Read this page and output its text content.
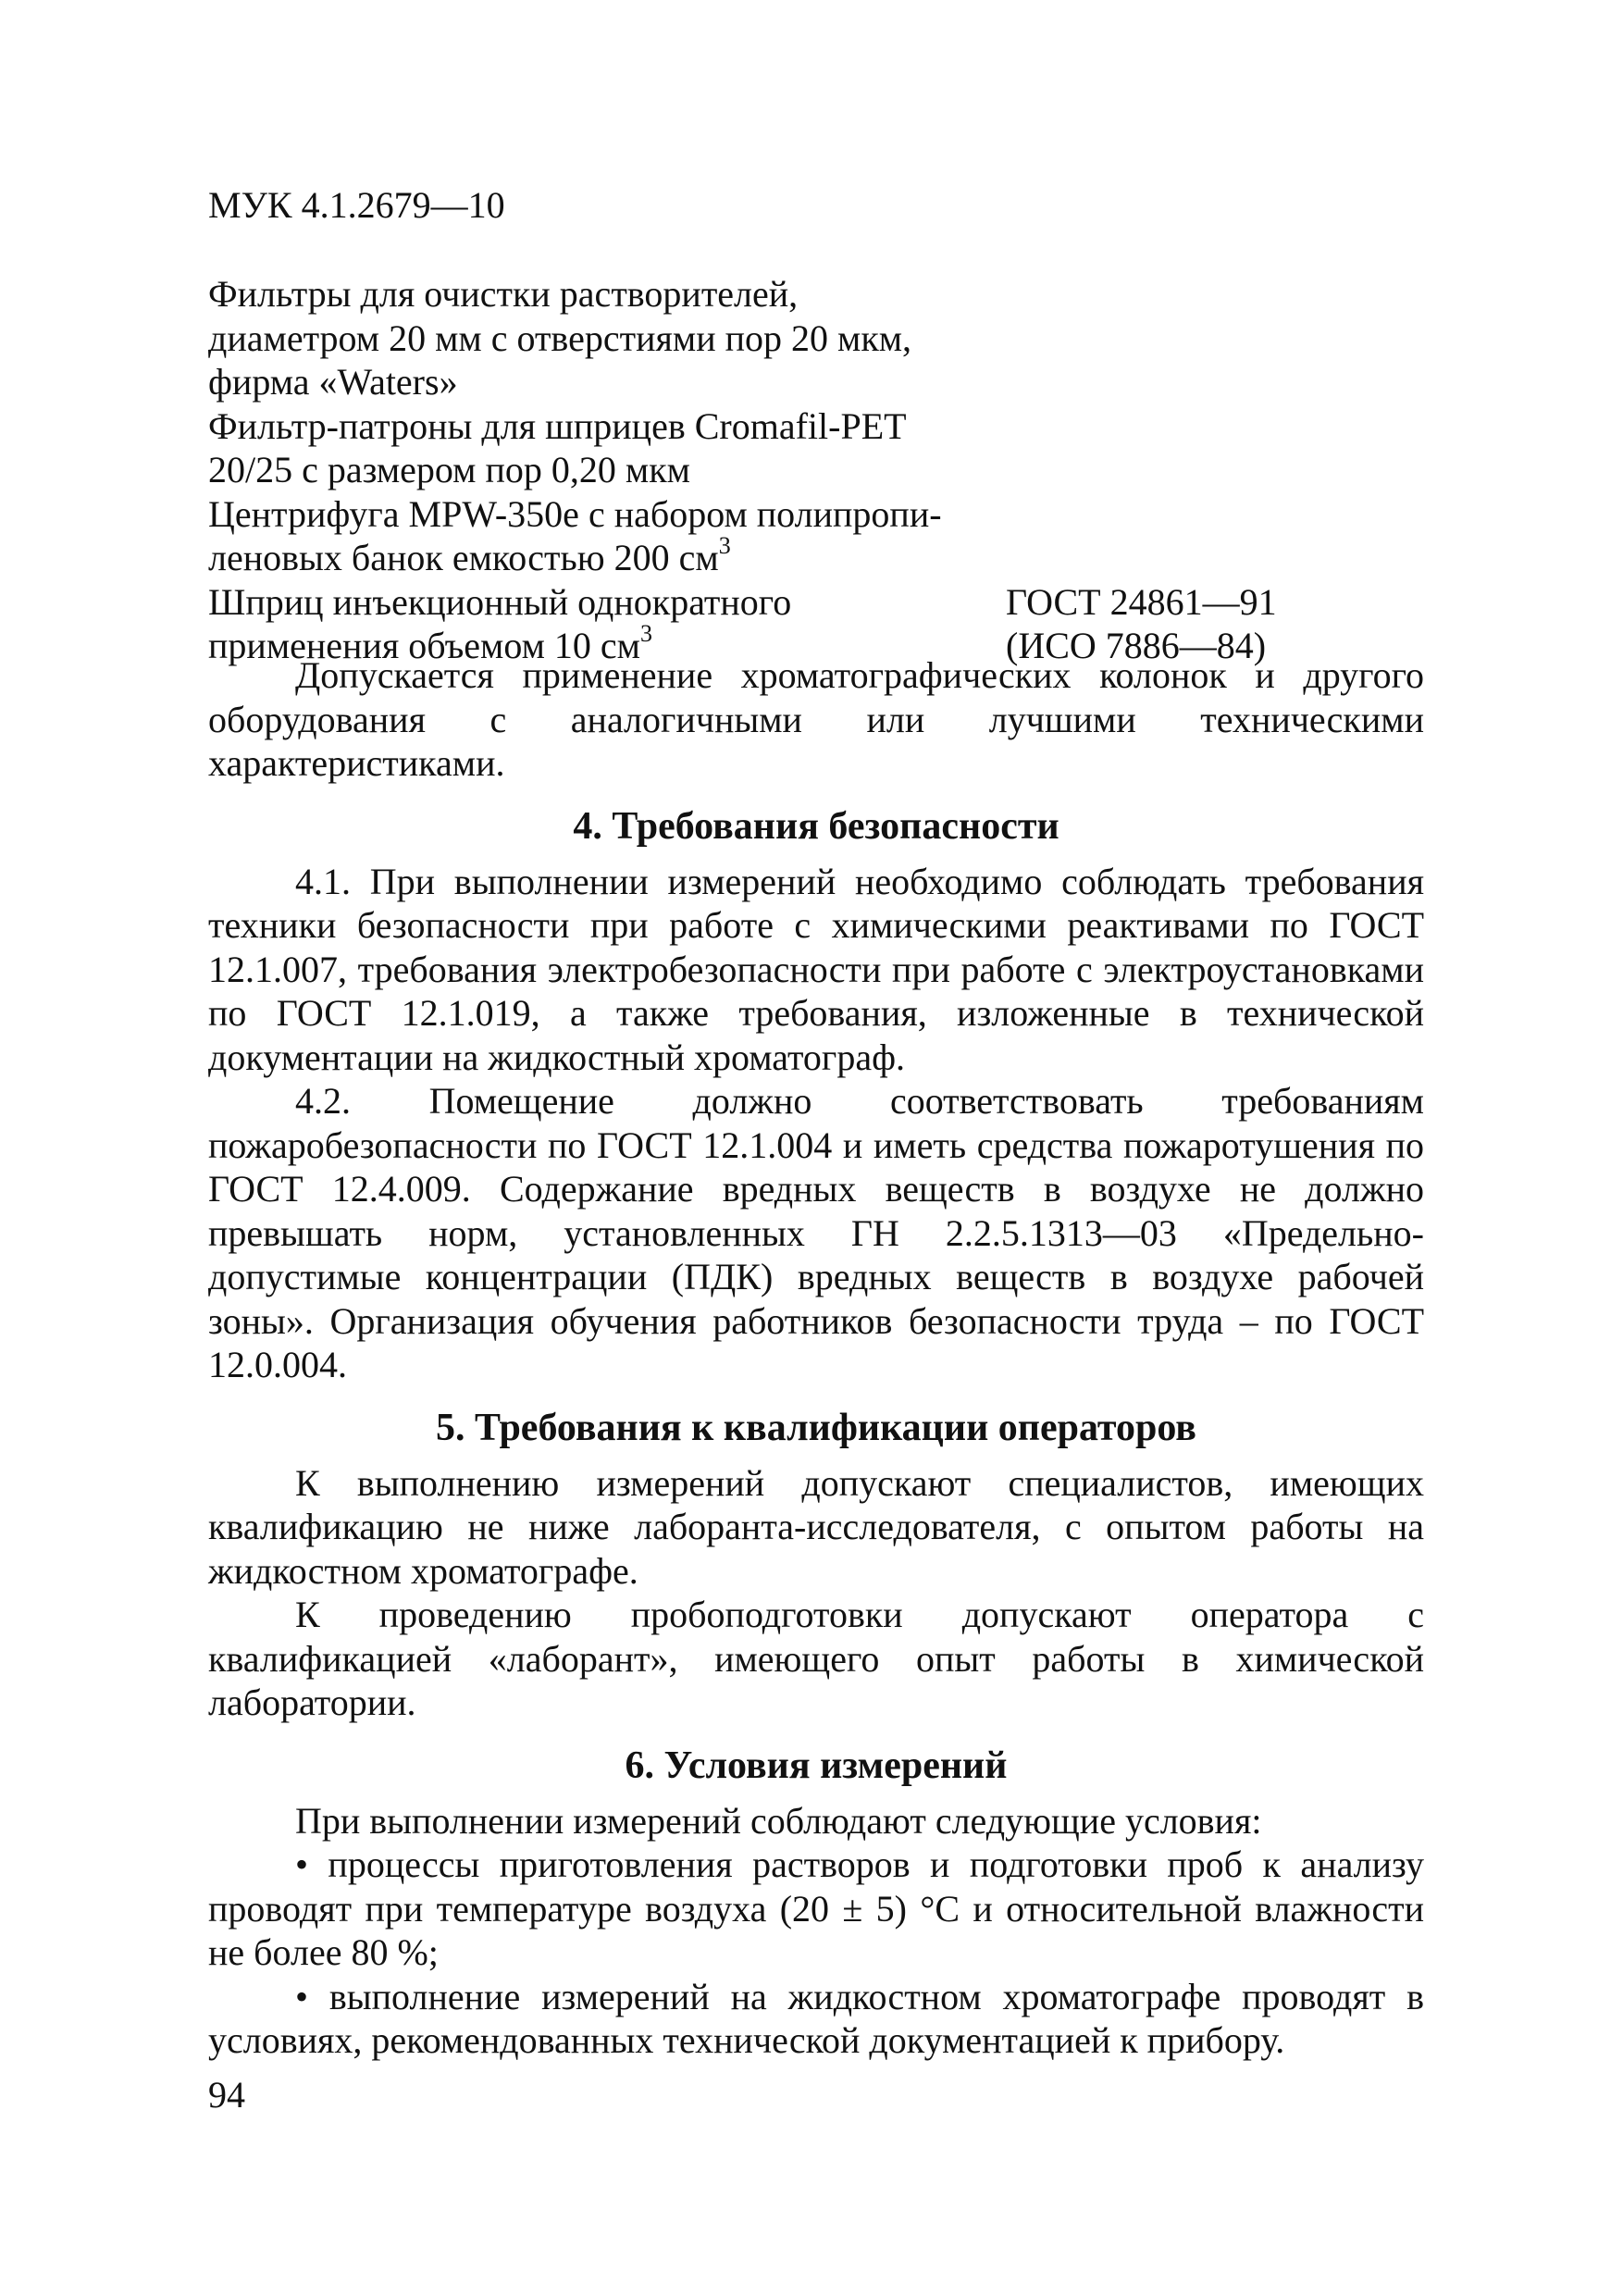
МУК 4.1.2679—10
Фильтры для очистки растворителей,
диаметром 20 мм с отверстиями пор 20 мкм,
фирма «Waters»
Фильтр-патроны для шприцев Cromafil-PET
20/25 с размером пор 0,20 мкм
Центрифуга MPW-350е с набором полипропи-
леновых банок емкостью 200 $см^3$
Шприц инъекционный однократного	ГОСТ 24861—91
применения объемом 10 $см^3$	(ИСО 7886—84)

Допускается применение хроматографических колонок и другого оборудования с аналогичными или лучшими техническими характеристиками.

4. Требования безопасности

4.1. При выполнении измерений необходимо соблюдать требования техники безопасности при работе с химическими реактивами по ГОСТ 12.1.007, требования электробезопасности при работе с электроустановками по ГОСТ 12.1.019, а также требования, изложенные в технической документации на жидкостный хроматограф.

4.2. Помещение должно соответствовать требованиям пожаробезопасности по ГОСТ 12.1.004 и иметь средства пожаротушения по ГОСТ 12.4.009. Содержание вредных веществ в воздухе не должно превышать норм, установленных ГН 2.2.5.1313—03 «Предельно- допустимые концентрации (ПДК) вредных веществ в воздухе рабочей зоны». Организация обучения работников безопасности труда – по ГОСТ 12.0.004.

5. Требования к квалификации операторов

К выполнению измерений допускают специалистов, имеющих квалификацию не ниже лаборанта-исследователя, с опытом работы на жидкостном хроматографе.

К проведению пробоподготовки допускают оператора с квалификацией «лаборант», имеющего опыт работы в химической лаборатории.

6. Условия измерений

При выполнении измерений соблюдают следующие условия:

• процессы приготовления растворов и подготовки проб к анализу проводят при температуре воздуха (20 ± 5) °С и относительной влажности не более 80 %;

• выполнение измерений на жидкостном хроматографе проводят в условиях, рекомендованных технической документацией к прибору.

94
